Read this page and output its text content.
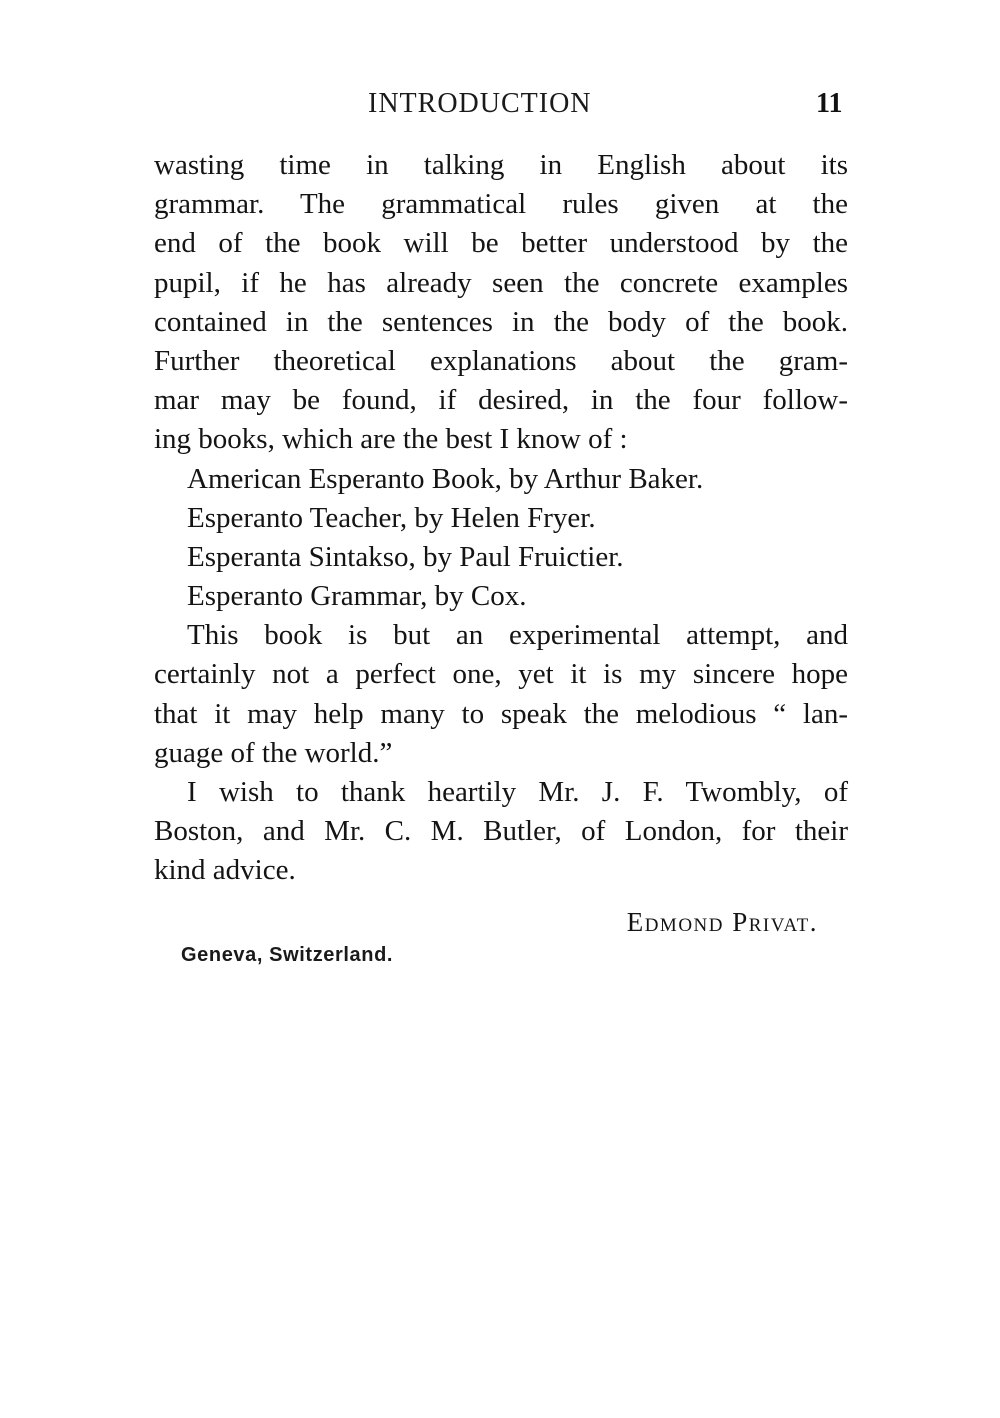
INTRODUCTION	11
wasting time in talking in English about its
grammar. The grammatical rules given at the
end of the book will be better understood by the
pupil, if he has already seen the concrete examples
contained in the sentences in the body of the book.
Further theoretical explanations about the gram-
mar may be found, if desired, in the four follow-
ing books, which are the best I know of :
American Esperanto Book, by Arthur Baker.
Esperanto Teacher, by Helen Fryer.
Esperanta Sintakso, by Paul Fruictier.
Esperanto Grammar, by Cox.
This book is but an experimental attempt, and
certainly not a perfect one, yet it is my sincere hope
that it may help many to speak the melodious “ lan-
guage of the world.”
I wish to thank heartily Mr. J. F. Twombly, of
Boston, and Mr. C. M. Butler, of London, for their
kind advice.
Edmond Privat.
Geneva, Switzerland.
